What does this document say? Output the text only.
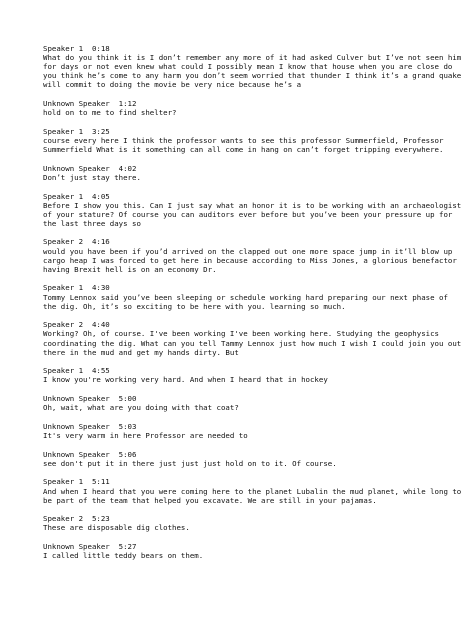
Speaker 1 0:18
What do you think it is I don’t remember any more of it had asked Culver but I’ve not seen him for days or not even knew what could I possibly mean I know that house when you are close do you think he’s come to any harm you don’t seem worried that thunder I think it’s a grand quake will commit to doing the movie be very nice because he’s a
Unknown Speaker 1:12
hold on to me to find shelter?
Speaker 1 3:25
course every here I think the professor wants to see this professor Summerfield, Professor Summerfield What is it something can all come in hang on can’t forget tripping everywhere.
Unknown Speaker 4:02
Don’t just stay there.
Speaker 1 4:05
Before I show you this. Can I just say what an honor it is to be working with an archaeologist of your stature? Of course you can auditors ever before but you’ve been your pressure up for the last three days so
Speaker 2 4:16
would you have been if you’d arrived on the clapped out one more space jump in it’ll blow up cargo heap I was forced to get here in because according to Miss Jones, a glorious benefactor having Brexit hell is on an economy Dr.
Speaker 1 4:30
Tommy Lennox said you’ve been sleeping or schedule working hard preparing our next phase of the dig. Oh, it’s so exciting to be here with you. learning so much.
Speaker 2 4:40
Working? Oh, of course. I've been working I've been working here. Studying the geophysics coordinating the dig. What can you tell Tammy Lennox just how much I wish I could join you out there in the mud and get my hands dirty. But
Speaker 1 4:55
I know you're working very hard. And when I heard that in hockey
Unknown Speaker 5:00
Oh, wait, what are you doing with that coat?
Unknown Speaker 5:03
It's very warm in here Professor are needed to
Unknown Speaker 5:06
see don't put it in there just just just hold on to it. Of course.
Speaker 1 5:11
And when I heard that you were coming here to the planet Lubalin the mud planet, while long to be part of the team that helped you excavate. We are still in your pajamas.
Speaker 2 5:23
These are disposable dig clothes.
Unknown Speaker 5:27
I called little teddy bears on them.
